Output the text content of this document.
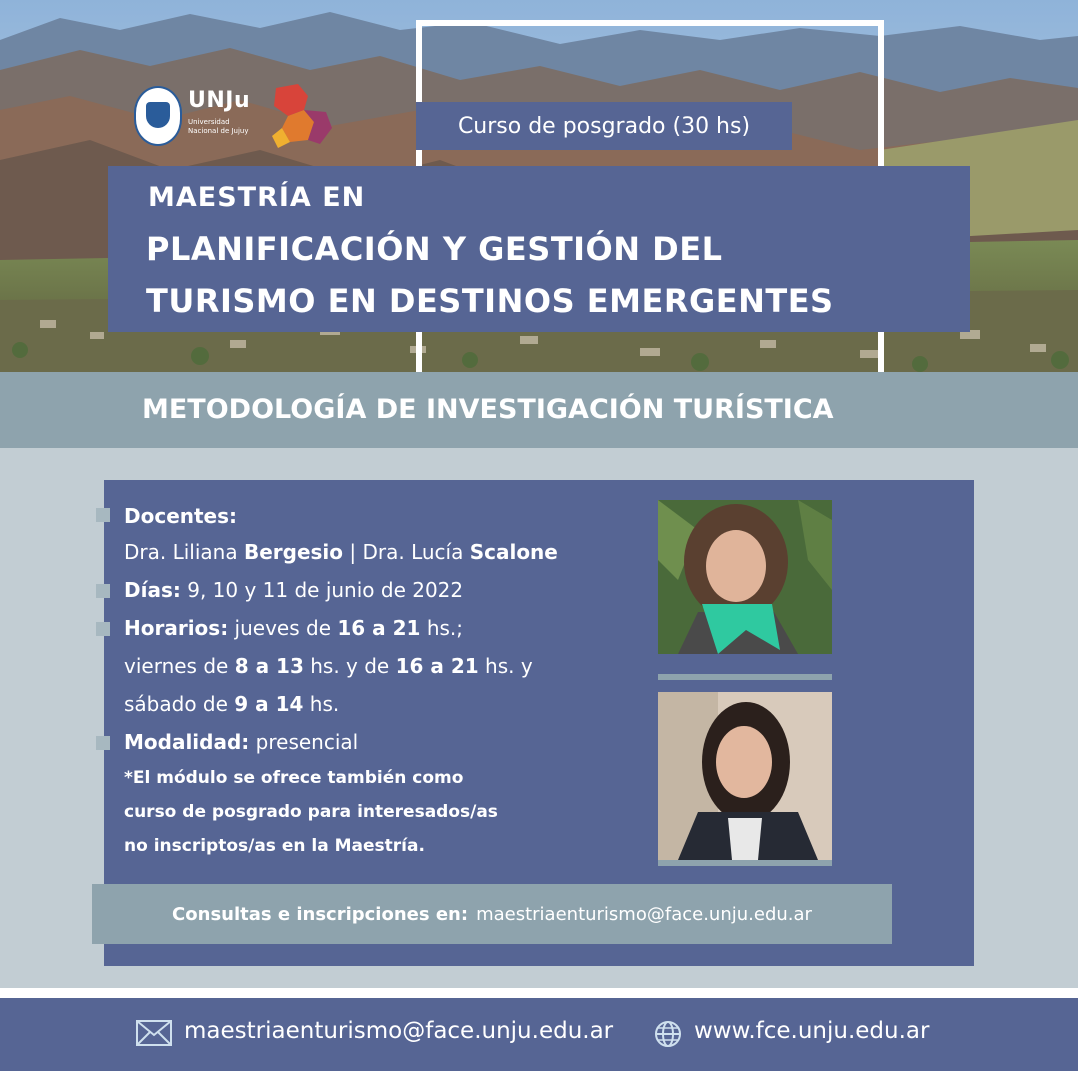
UNJu
Universidad Nacional de Jujuy	Curso de posgrado (30 hs)
MAESTRÍA EN
PLANIFICACIÓN Y GESTIÓN DEL
TURISMO EN DESTINOS EMERGENTES
METODOLOGÍA DE INVESTIGACIÓN TURÍSTICA
Docentes:
Dra. Liliana Bergesio | Dra. Lucía Scalone
Días: 9, 10 y 11 de junio de 2022
Horarios: jueves de 16 a 21 hs.;
viernes de 8 a 13 hs. y de 16 a 21 hs. y
sábado de 9 a 14 hs.
Modalidad: presencial
*El módulo se ofrece también como
curso de posgrado para interesados/as
no inscriptos/as en la Maestría.
Consultas e inscripciones en: maestriaenturismo@face.unju.edu.ar
maestriaenturismo@face.unju.edu.ar	www.fce.unju.edu.ar
